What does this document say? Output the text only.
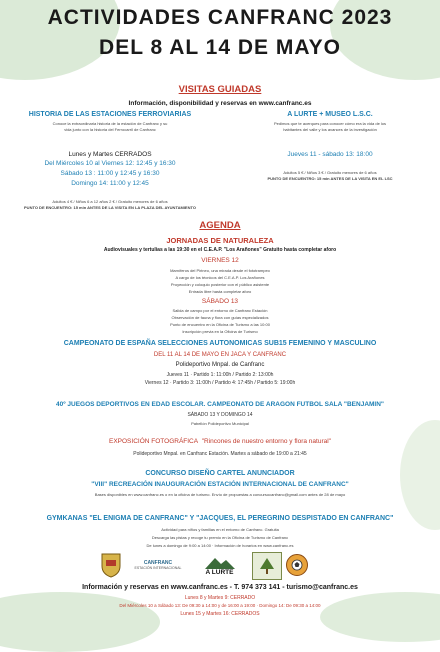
ACTIVIDADES CANFRANC 2023
DEL 8 AL 14 DE MAYO
VISITAS GUIADAS
Información, disponibilidad y reservas en www.canfranc.es
HISTORIA DE LAS ESTACIONES FERROVIARIAS
Conoce la extraordinaria historia de la estación de Canfranc y su
vida junto con la historia del Ferrocarril de Canfranc
Lunes y Martes CERRADOS
Del Miércoles 10 al Viernes 12: 12:45 y 16:30
Sábado 13 : 11:00 y 12:45 y 16:30
Domingo 14: 11:00 y 12:45
Adultos 4 € / Niños 6 a 12 años 2 € / Gratuito menores de 6 años
PUNTO DE ENCUENTRO: 15 min ANTES DE LA VISITA EN LA PLAZA DEL AYUNTAMIENTO
A LURTE + MUSEO L.S.C.
Pedimos que te acerques para conocer cómo era la vida de los
habitantes del valle y los avances de la investigación
Jueves 11 - sábado 13: 18:00
Adultos 5 € / Niños 3 € / Gratuito menores de 6 años
PUNTO DE ENCUENTRO: 15 min ANTES DE LA VISITA EN EL LSC
AGENDA
JORNADAS DE NATURALEZA
Audiovisuales y tertulias a las 19:30 en el C.E.A.P. "Los Arañones" Gratuito hasta completar aforo
VIERNES 12
Mamíferos del Pirineo, una mirada desde el fototrampeo
A cargo de los técnicos del C.E.A.P. Los Arañones
Proyección y coloquio posterior con el público asistente
Entrada libre hasta completar aforo
SÁBADO 13
Salida de campo por el entorno de Canfranc Estación
Observación de fauna y flora con guías especializados
Punto de encuentro en la Oficina de Turismo a las 10:00
Inscripción previa en la Oficina de Turismo
CAMPEONATO DE ESPAÑA SELECCIONES AUTONOMICAS SUB15 FEMENINO Y MASCULINO
DEL 11 AL 14 DE MAYO EN JACA Y CANFRANC
Polideportivo Mnpal. de Canfranc
Jueves 11 · Partido 1: 11:00h / Partido 2: 13:00h
Viernes 12 · Partido 3: 11:00h / Partido 4: 17:45h / Partido 5: 19:00h
40º JUEGOS DEPORTIVOS EN EDAD ESCOLAR. CAMPEONATO DE ARAGON FUTBOL SALA "BENJAMIN"
SÁBADO 13 Y DOMINGO 14
Pabellón Polideportivo Municipal
EXPOSICIÓN FOTOGRÁFICA "Rincones de nuestro entorno y flora natural"
Polideportivo Mnpal. en Canfranc Estación. Martes a sábado de 19:00 a 21:45
CONCURSO DISEÑO CARTEL ANUNCIADOR
"VIII" RECREACIÓN INAUGURACIÓN ESTACIÓN INTERNACIONAL DE CANFRANC"
Bases disponibles en www.canfranc.es o en la oficina de turismo. Envío de propuestas a concursocanfranc@gmail.com antes de 28 de mayo
GYMKANAS "EL ENIGMA DE CANFRANC" Y "JACQUES, EL PEREGRINO DESPISTADO EN CANFRANC"
Actividad para niños y familias en el entorno de Canfranc. Gratuita
Descarga las pistas y recoge tu premio en la Oficina de Turismo de Canfranc
De lunes a domingo de 9:00 a 14:00 · Información de horarios en www.canfranc.es
CANFRANC
ESTACIÓN INTERNACIONAL
A LURTE
Información y reservas en www.canfranc.es - T. 974 373 141 - turismo@canfranc.es
Lunes 8 y Martes 9: CERRADO
Del Miércoles 10 a Sábado 13: De 09:30 a 14:00 y de 16:00 a 19:00 · Domingo 14: De 09:30 a 14:00
Lunes 15 y Martes 16: CERRADOS
